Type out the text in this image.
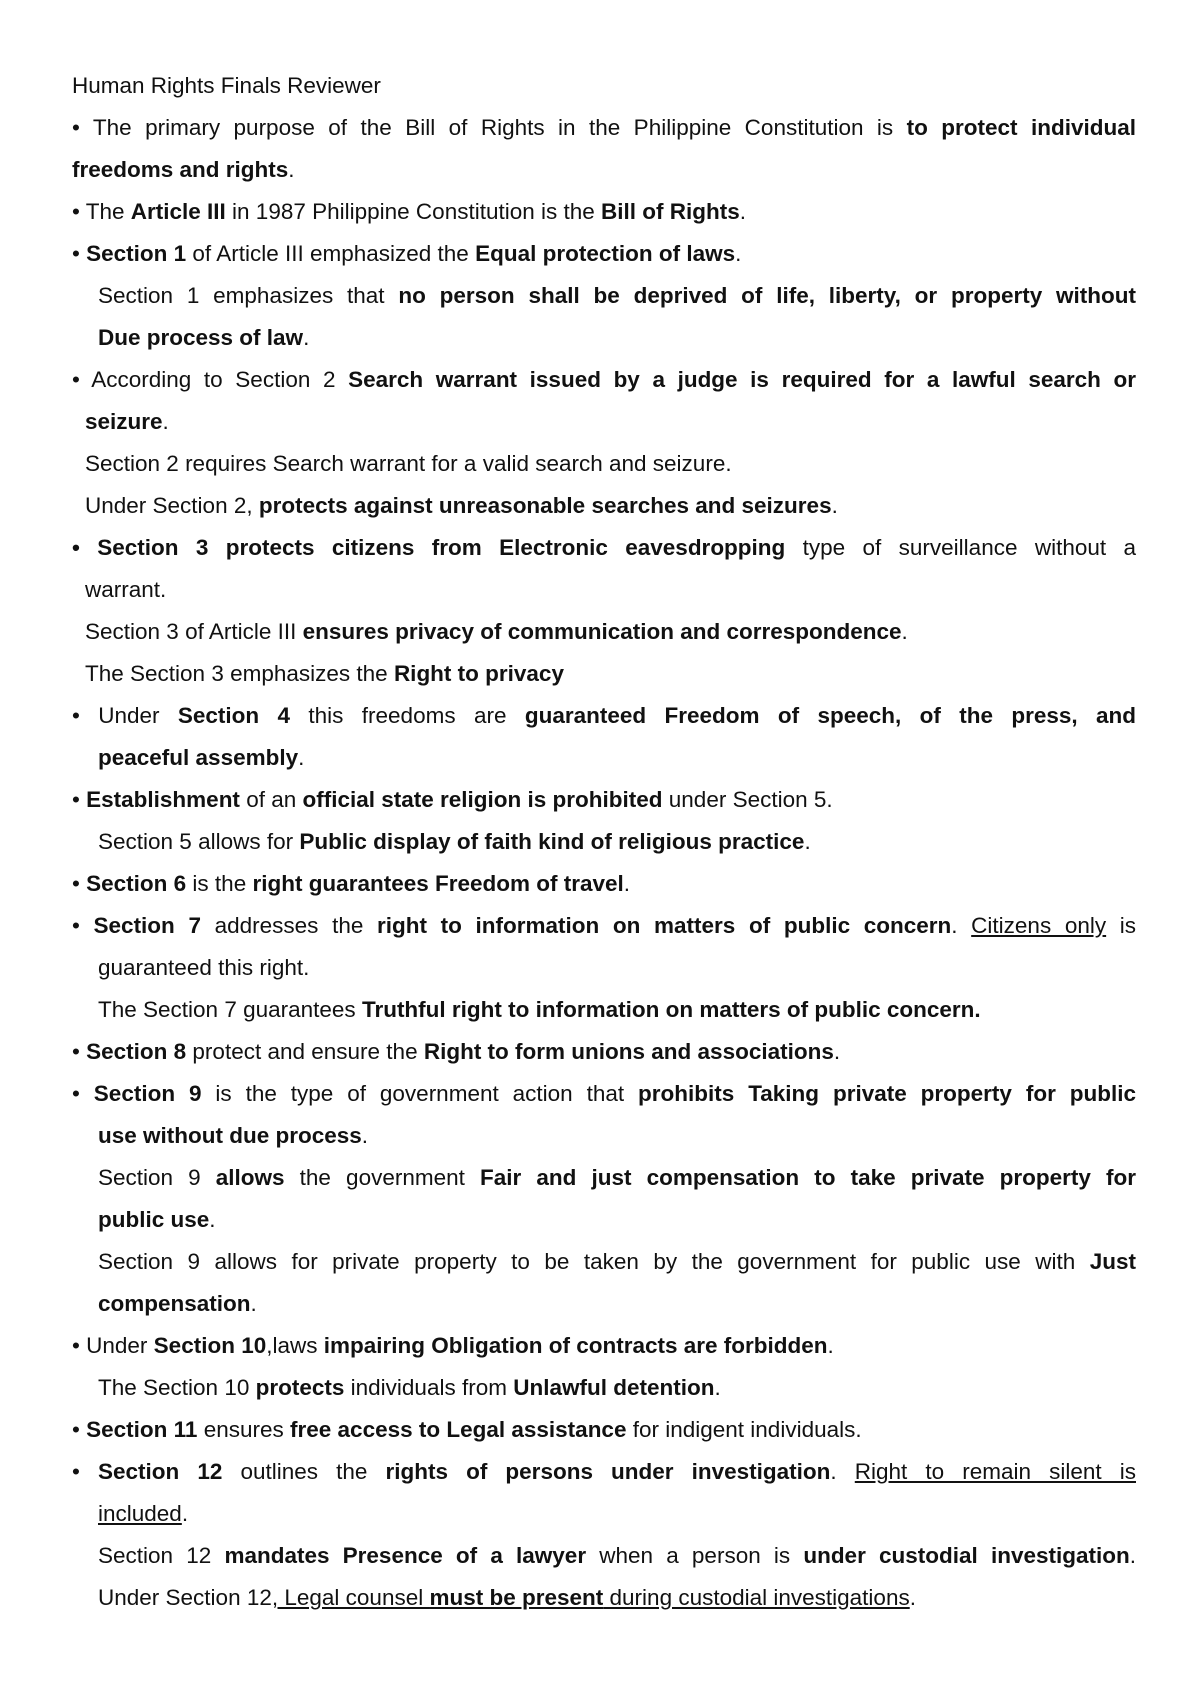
Human Rights Finals Reviewer
• The primary purpose of the Bill of Rights in the Philippine Constitution is to protect individual
freedoms and rights.
• The Article III in 1987 Philippine Constitution is the Bill of Rights.
• Section 1 of Article III emphasized the Equal protection of laws.
Section 1 emphasizes that no person shall be deprived of life, liberty, or property without
Due process of law.
• According to Section 2 Search warrant issued by a judge is required for a lawful search or
seizure.
Section 2 requires Search warrant for a valid search and seizure.
Under Section 2, protects against unreasonable searches and seizures.
• Section 3 protects citizens from Electronic eavesdropping type of surveillance without a
warrant.
Section 3 of Article III ensures privacy of communication and correspondence.
The Section 3 emphasizes the Right to privacy
• Under Section 4 this freedoms are guaranteed Freedom of speech, of the press, and
peaceful assembly.
• Establishment of an official state religion is prohibited under Section 5.
Section 5 allows for Public display of faith kind of religious practice.
• Section 6 is the right guarantees Freedom of travel.
• Section 7 addresses the right to information on matters of public concern. Citizens only is
guaranteed this right.
The Section 7 guarantees Truthful right to information on matters of public concern.
• Section 8 protect and ensure the Right to form unions and associations.
• Section 9 is the type of government action that prohibits Taking private property for public
use without due process.
Section 9 allows the government Fair and just compensation to take private property for
public use.
Section 9 allows for private property to be taken by the government for public use with Just
compensation.
• Under Section 10,laws impairing Obligation of contracts are forbidden.
The Section 10 protects individuals from Unlawful detention.
• Section 11 ensures free access to Legal assistance for indigent individuals.
• Section 12 outlines the rights of persons under investigation. Right to remain silent is
included.
Section 12 mandates Presence of a lawyer when a person is under custodial investigation.
Under Section 12, Legal counsel must be present during custodial investigations.
